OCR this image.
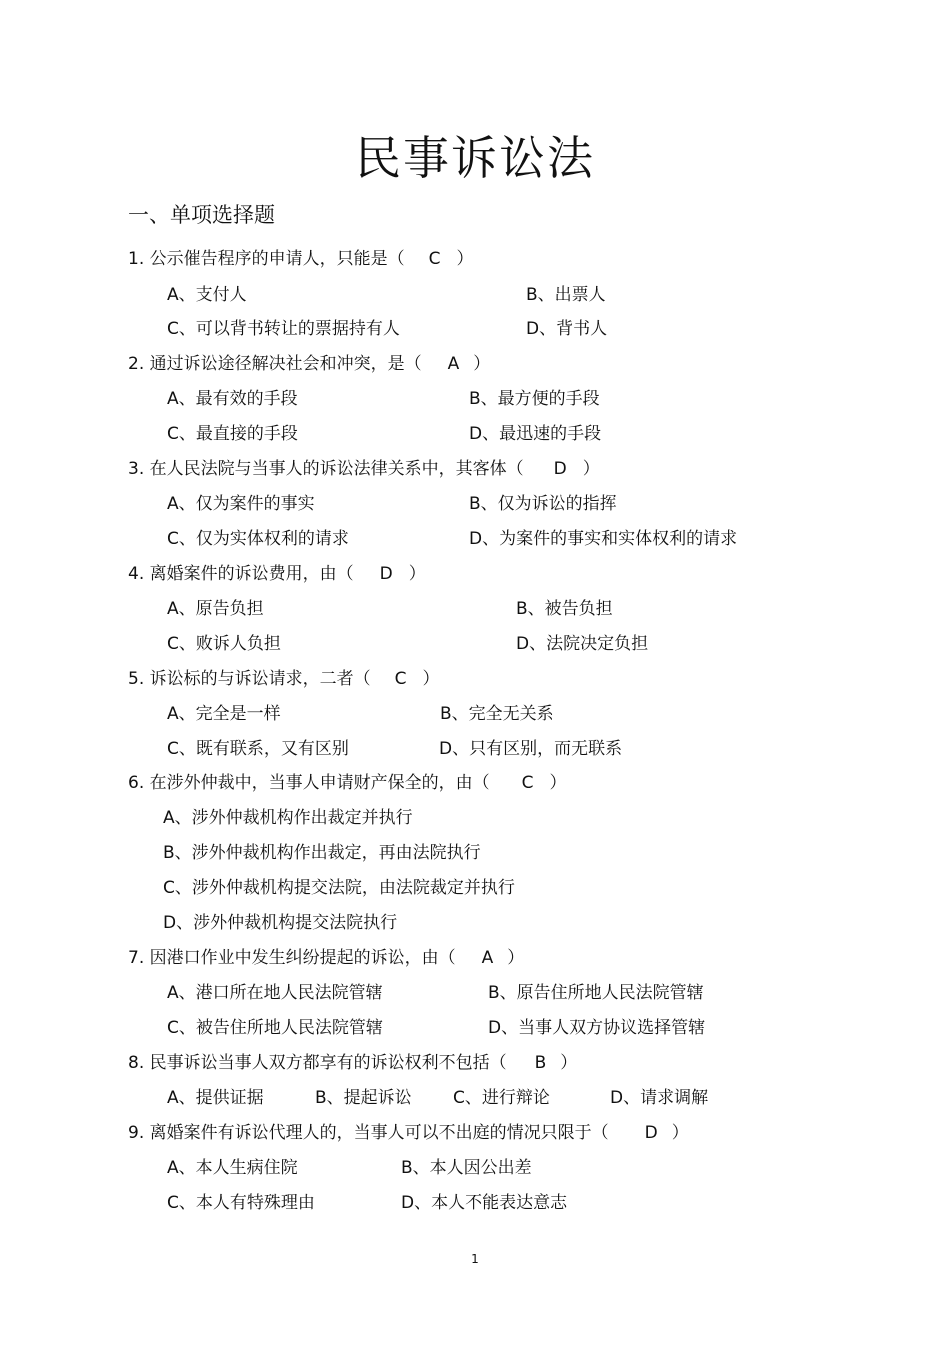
民事诉讼法
一、单项选择题
1. 公示催告程序的申请人，只能是（ C ）
A、支付人	B、出票人
C、可以背书转让的票据持有人	D、背书人
2. 通过诉讼途径解决社会和冲突，是（ A ）
A、最有效的手段	B、最方便的手段
C、最直接的手段	D、最迅速的手段
3. 在人民法院与当事人的诉讼法律关系中，其客体（ D ）
A、仅为案件的事实	B、仅为诉讼的指挥
C、仅为实体权利的请求	D、为案件的事实和实体权利的请求
4. 离婚案件的诉讼费用，由（ D ）
A、原告负担	B、被告负担
C、败诉人负担	D、法院决定负担
5. 诉讼标的与诉讼请求，二者（ C ）
A、完全是一样	B、完全无关系
C、既有联系，又有区别	D、只有区别，而无联系
6. 在涉外仲裁中，当事人申请财产保全的，由（ C ）
A、涉外仲裁机构作出裁定并执行
B、涉外仲裁机构作出裁定，再由法院执行
C、涉外仲裁机构提交法院，由法院裁定并执行
D、涉外仲裁机构提交法院执行
7. 因港口作业中发生纠纷提起的诉讼，由（ A ）
A、港口所在地人民法院管辖	B、原告住所地人民法院管辖
C、被告住所地人民法院管辖	D、当事人双方协议选择管辖
8. 民事诉讼当事人双方都享有的诉讼权利不包括（ B ）
A、提供证据	B、提起诉讼 C、进行辩论	D、请求调解
9. 离婚案件有诉讼代理人的，当事人可以不出庭的情况只限于（ D ）
A、本人生病住院	B、本人因公出差
C、本人有特殊理由	D、本人不能表达意志
1
